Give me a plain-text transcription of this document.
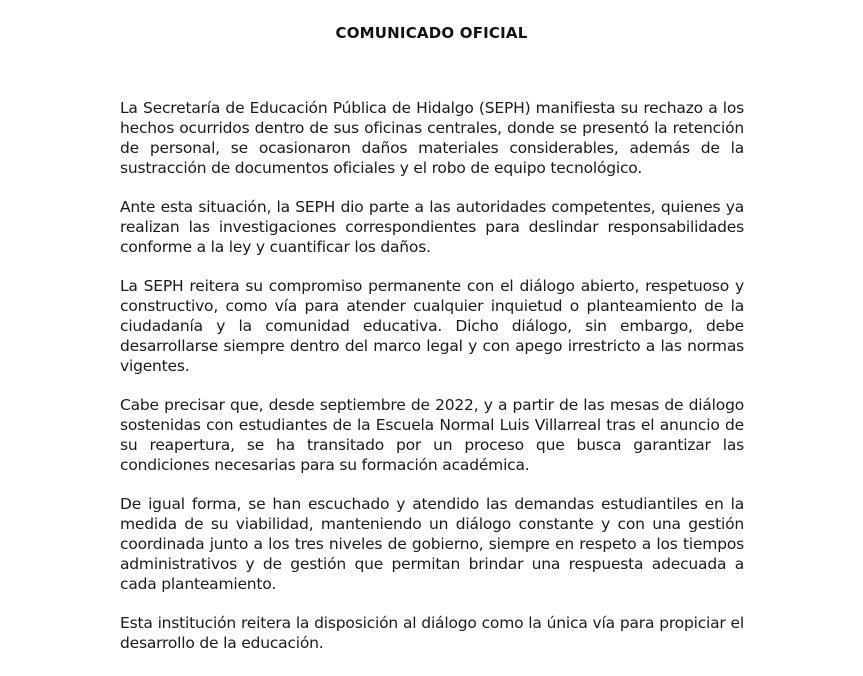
COMUNICADO OFICIAL

La Secretaría de Educación Pública de Hidalgo (SEPH) manifiesta su rechazo a los hechos ocurridos dentro de sus oficinas centrales, donde se presentó la retención de personal, se ocasionaron daños materiales considerables, además de la sustracción de documentos oficiales y el robo de equipo tecnológico.

Ante esta situación, la SEPH dio parte a las autoridades competentes, quienes ya realizan las investigaciones correspondientes para deslindar responsabilidades conforme a la ley y cuantificar los daños.

La SEPH reitera su compromiso permanente con el diálogo abierto, respetuoso y constructivo, como vía para atender cualquier inquietud o planteamiento de la ciudadanía y la comunidad educativa. Dicho diálogo, sin embargo, debe desarrollarse siempre dentro del marco legal y con apego irrestricto a las normas vigentes.

Cabe precisar que, desde septiembre de 2022, y a partir de las mesas de diálogo sostenidas con estudiantes de la Escuela Normal Luis Villarreal tras el anuncio de su reapertura, se ha transitado por un proceso que busca garantizar las condiciones necesarias para su formación académica.

De igual forma, se han escuchado y atendido las demandas estudiantiles en la medida de su viabilidad, manteniendo un diálogo constante y con una gestión coordinada junto a los tres niveles de gobierno, siempre en respeto a los tiempos administrativos y de gestión que permitan brindar una respuesta adecuada a cada planteamiento.

Esta institución reitera la disposición al diálogo como la única vía para propiciar el desarrollo de la educación.
